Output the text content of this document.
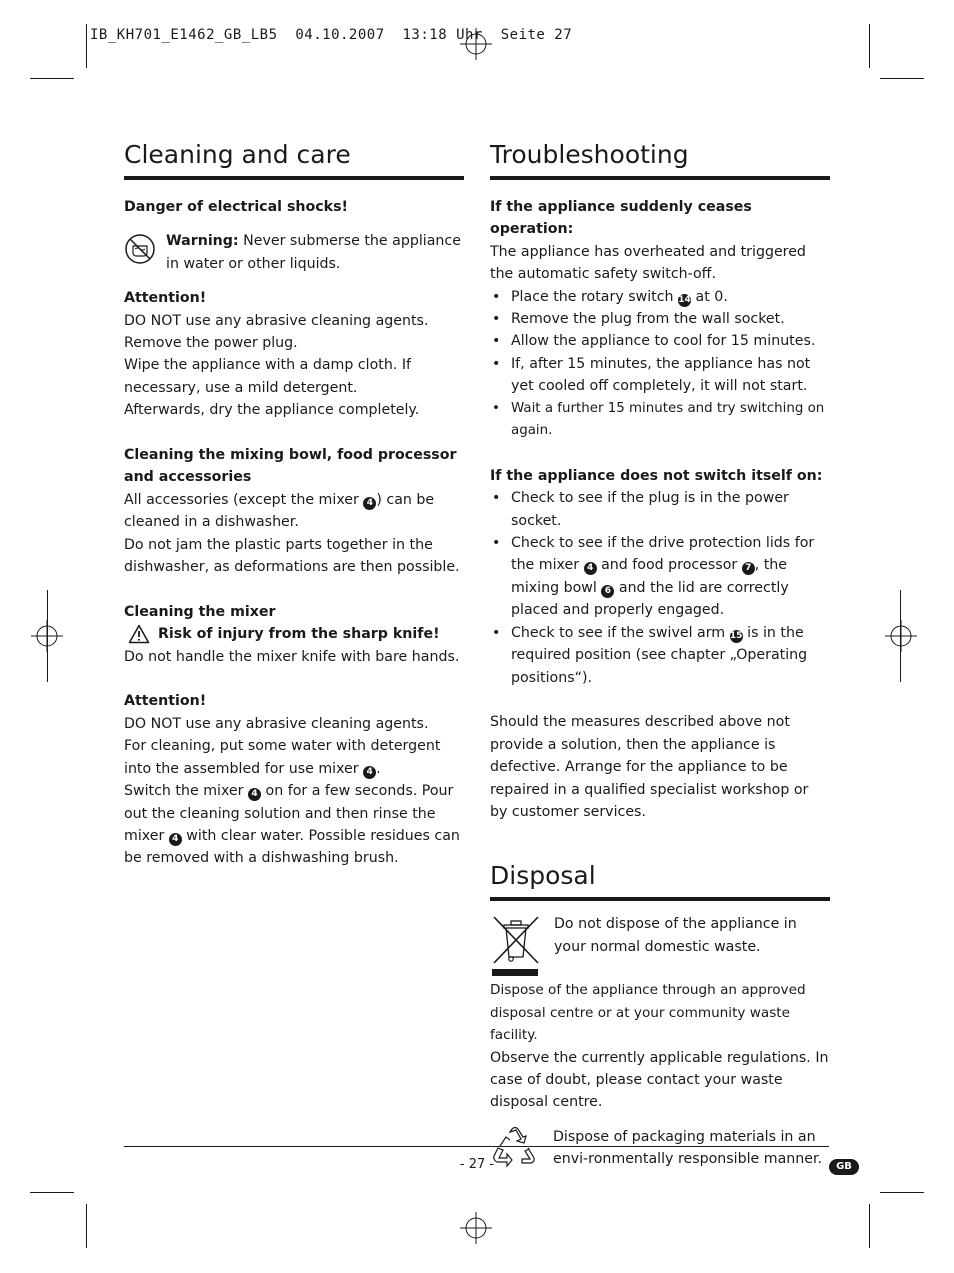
IB_KH701_E1462_GB_LB5  04.10.2007  13:18 Uhr  Seite 27
Cleaning and care
Danger of electrical shocks!
Warning: Never submerse the appliance in water or other liquids.
Attention!
DO NOT use any abrasive cleaning agents.
Remove the power plug.
Wipe the appliance with a damp cloth. If necessary, use a mild detergent.
Afterwards, dry the appliance completely.
Cleaning the mixing bowl, food processor and accessories
All accessories (except the mixer 4 ) can be cleaned in a dishwasher.
Do not jam the plastic parts together in the dishwasher, as deformations are then possible.
Cleaning the mixer
Risk of injury from the sharp knife!
Do not handle the mixer knife with bare hands.
Attention!
DO NOT use any abrasive cleaning agents.
For cleaning, put some water with detergent into the assembled for use mixer 4 .
Switch the mixer 4 on for a few seconds. Pour out the cleaning solution and then rinse the mixer 4 with clear water. Possible residues can be removed with a dishwashing brush.
Troubleshooting
If the appliance suddenly ceases operation:
The appliance has overheated and triggered the automatic safety switch-off.
• Place the rotary switch 14 at 0.
• Remove the plug from the wall socket.
• Allow the appliance to cool for 15 minutes.
• If, after 15 minutes, the appliance has not yet cooled off completely, it will not start.
• Wait a further 15 minutes and try switching on again.
If the appliance does not switch itself on:
• Check to see if the plug is in the power socket.
• Check to see if the drive protection lids for the mixer 4 and food processor 7 , the mixing bowl 6 and the lid are correctly placed and properly engaged.
• Check to see if the swivel arm 15 is in the required position (see chapter „Operating positions“).
Should the measures described above not provide a solution, then the appliance is defective. Arrange for the appliance to be repaired in a qualified specialist workshop or by customer services.
Disposal
Do not dispose of the appliance in your normal domestic waste.
Dispose of the appliance through an approved disposal centre or at your community waste facility.
Observe the currently applicable regulations. In case of doubt, please contact your waste disposal centre.
Dispose of packaging materials in an envi-ronmentally responsible manner.
- 27 -	GB
